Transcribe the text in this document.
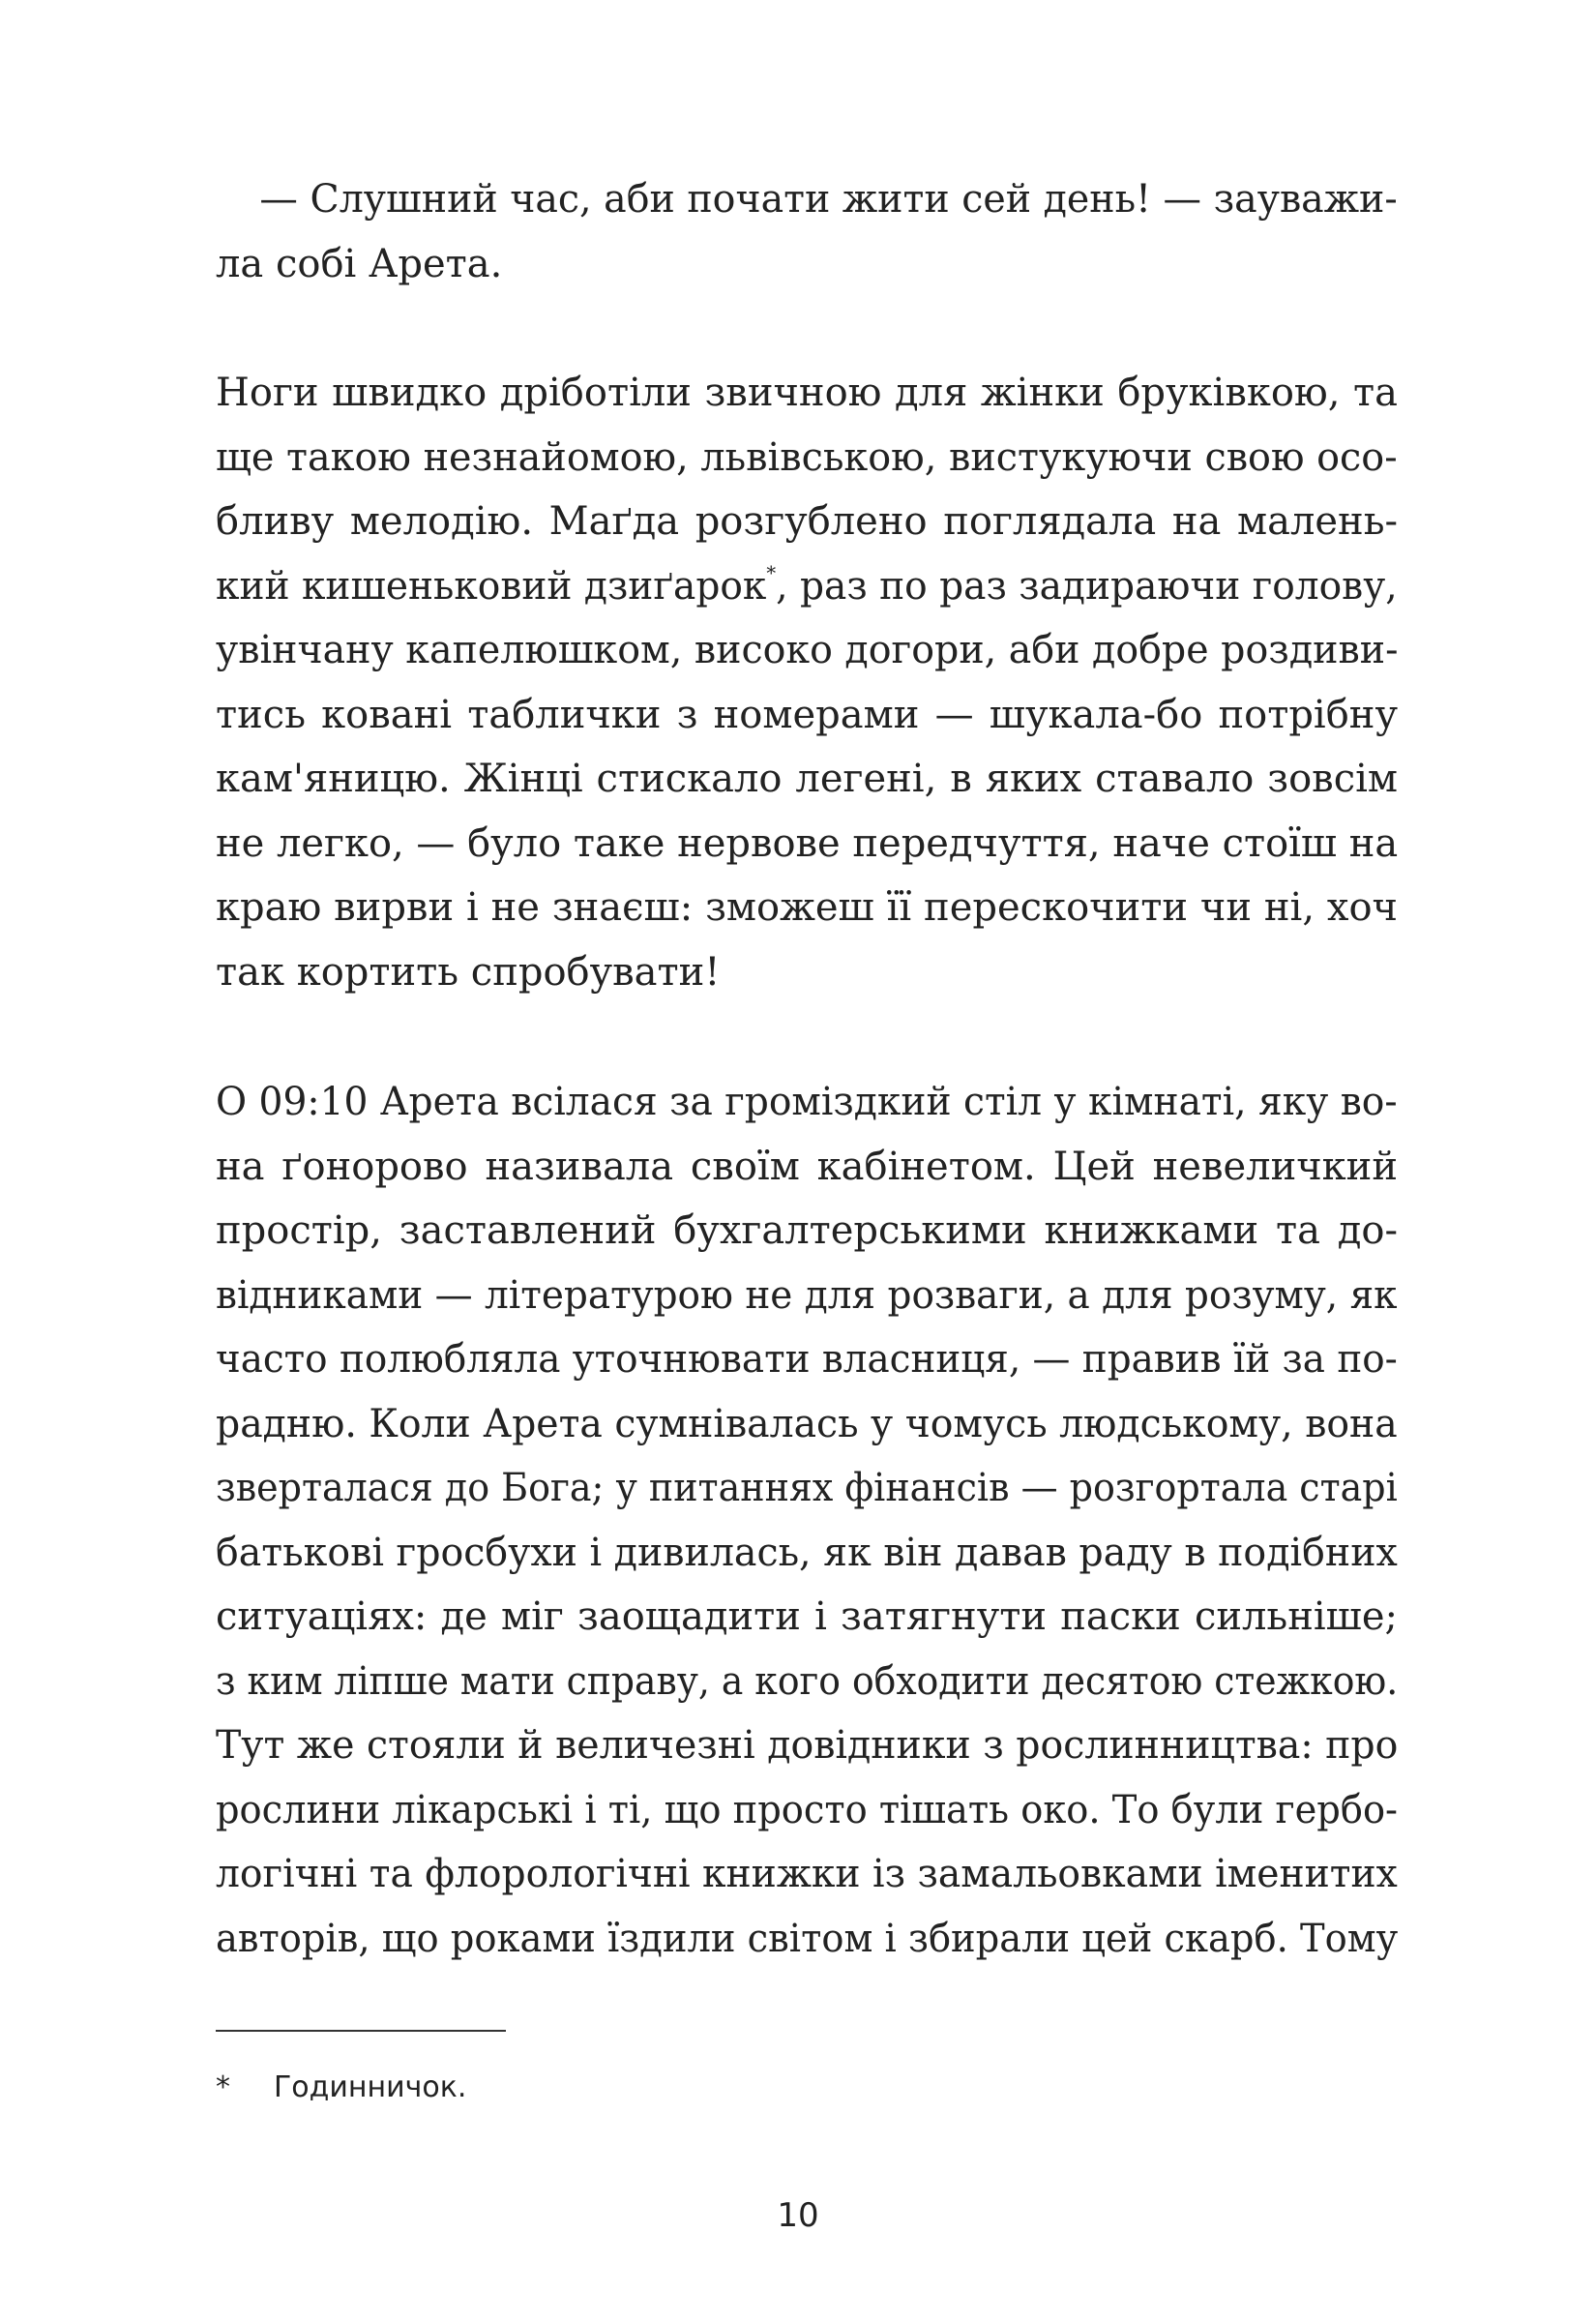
— Слушний час, аби почати жити сей день! — зауважи-
ла собі Арета.
Ноги швидко дріботіли звичною для жінки бруківкою, та
ще такою незнайомою, львівською, вистукуючи свою осо-
бливу мелодію. Маґда розгублено поглядала на малень-
кий кишеньковий дзиґарок*, раз по раз задираючи голову,
увінчану капелюшком, високо догори, аби добре роздиви-
тись ковані таблички з номерами — шукала-бо потрібну
кам'яницю. Жінці стискало легені, в яких ставало зовсім
не легко, — було таке нервове передчуття, наче стоїш на
краю вирви і не знаєш: зможеш її перескочити чи ні, хоч
так кортить спробувати!
О 09:10 Арета всілася за громіздкий стіл у кімнаті, яку во-
на ґонорово називала своїм кабінетом. Цей невеличкий
простір, заставлений бухгалтерськими книжками та до-
відниками — літературою не для розваги, а для розуму, як
часто полюбляла уточнювати власниця, — правив їй за по-
радню. Коли Арета сумнівалась у чомусь людському, вона
зверталася до Бога; у питаннях фінансів — розгортала старі
батькові гросбухи і дивилась, як він давав раду в подібних
ситуаціях: де міг заощадити і затягнути паски сильніше;
з ким ліпше мати справу, а кого обходити десятою стежкою.
Тут же стояли й величезні довідники з рослинництва: про
рослини лікарські і ті, що просто тішать око. То були гербо-
логічні та флорологічні книжки із замальовками іменитих
авторів, що роками їздили світом і збирали цей скарб. Тому
* Годинничок.
10
